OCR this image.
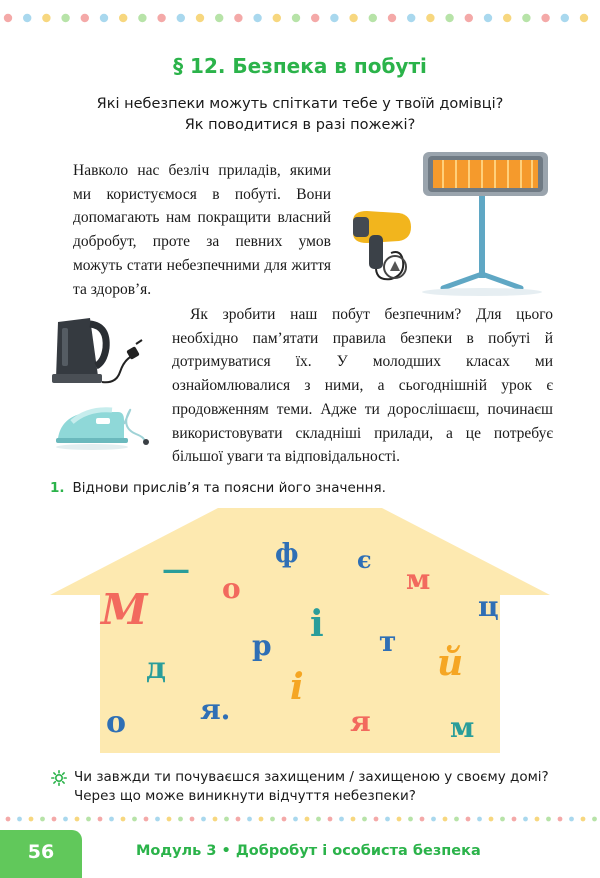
§ 12. Безпека в побуті
Які небезпеки можуть спіткати тебе у твоїй домівці?
Як поводитися в разі пожежі?
Навколо нас безліч приладів, якими ми користуємося в побуті. Вони допомагають нам покращити власний добробут, проте за певних умов можуть стати небезпечними для життя та здоров’я.
Як зробити наш побут безпечним? Для цього необхідно пам’ятати правила безпеки в побуті й дотримуватися їх. У молодших класах ми ознайомлювалися з ними, а сьогоднішній урок є продовженням теми. Адже ти дорослішаєш, починаєш використовувати складніші прилади, а це потребує більшої уваги та відповідальності.
1. Віднови прислів’я та поясни його значення.
—	ф є
о	м
М	ц
і
р	т
й
д	і
я.
о	я	м
Чи завжди ти почуваєшся захищеним / захищеною у своєму домі? Через що може виникнути відчуття небезпеки?
56	Модуль 3 • Добробут і особиста безпека
